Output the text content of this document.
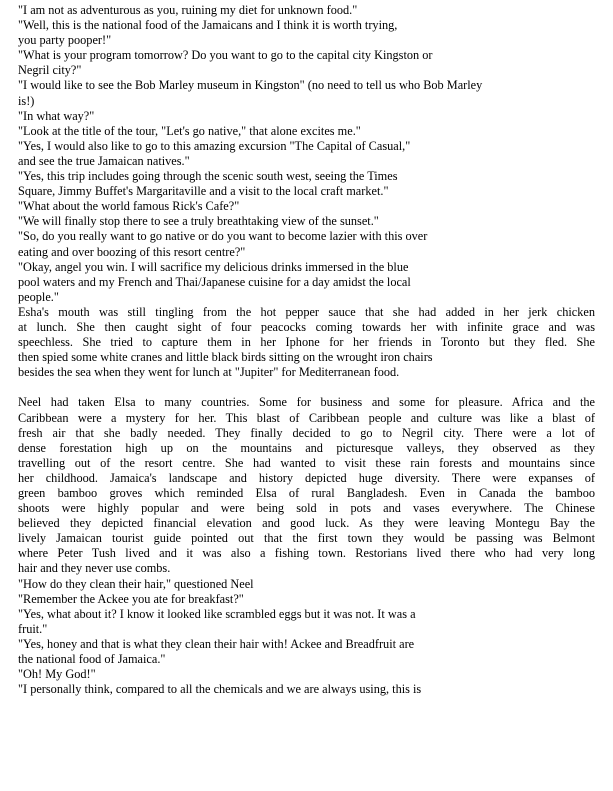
"I am not as adventurous as you, ruining my diet for unknown food."
"Well, this is the national food of the Jamaicans and I think it is worth trying,
you party pooper!"
"What is your program tomorrow? Do you want to go to the capital city Kingston or
Negril city?"
"I would like to see the Bob Marley museum in Kingston" (no need to tell us who Bob Marley
is!)
"In what way?"
"Look at the title of the tour, "Let's go native," that alone excites me."
"Yes, I would also like to go to this amazing excursion "The Capital of Casual,"
and see the true Jamaican natives."
"Yes, this trip includes going through the scenic south west, seeing the Times
Square, Jimmy Buffet's Margaritaville and a visit to the local craft market."
"What about the world famous Rick's Cafe?"
"We will finally stop there to see a truly breathtaking view of the sunset."
"So, do you really want to go native or do you want to become lazier with this over
eating and over boozing of this resort centre?"
"Okay, angel you win. I will sacrifice my delicious drinks immersed in the blue
pool waters and my French and Thai/Japanese cuisine for a day amidst the local
people."
Esha's mouth was still tingling from the hot pepper sauce that she had added in her jerk chicken
at lunch. She then caught sight of four peacocks coming towards her with infinite grace and was
speechless. She tried to capture them in her Iphone for her friends in Toronto but they fled. She
then spied some white cranes and little black birds sitting on the wrought iron chairs
besides the sea when they went for lunch at "Jupiter" for Mediterranean food.
Neel had taken Elsa to many countries. Some for business and some for pleasure. Africa and the
Caribbean were a mystery for her. This blast of Caribbean people and culture was like a blast of
fresh air that she badly needed. They finally decided to go to Negril city. There were a lot of
dense forestation high up on the mountains and picturesque valleys, they observed as they
travelling out of the resort centre. She had wanted to visit these rain forests and mountains since
her childhood. Jamaica's landscape and history depicted huge diversity. There were expanses of
green bamboo groves which reminded Elsa of rural Bangladesh. Even in Canada the bamboo
shoots were highly popular and were being sold in pots and vases everywhere. The Chinese
believed they depicted financial elevation and good luck. As they were leaving Montegu Bay the
lively Jamaican tourist guide pointed out that the first town they would be passing was Belmont
where Peter Tush lived and it was also a fishing town. Restorians lived there who had very long
hair and they never use combs.
"How do they clean their hair," questioned Neel
"Remember the Ackee you ate for breakfast?"
"Yes, what about it? I know it looked like scrambled eggs but it was not. It was a
fruit."
"Yes, honey and that is what they clean their hair with! Ackee and Breadfruit are
the national food of Jamaica."
"Oh! My God!"
"I personally think, compared to all the chemicals and we are always using, this is
